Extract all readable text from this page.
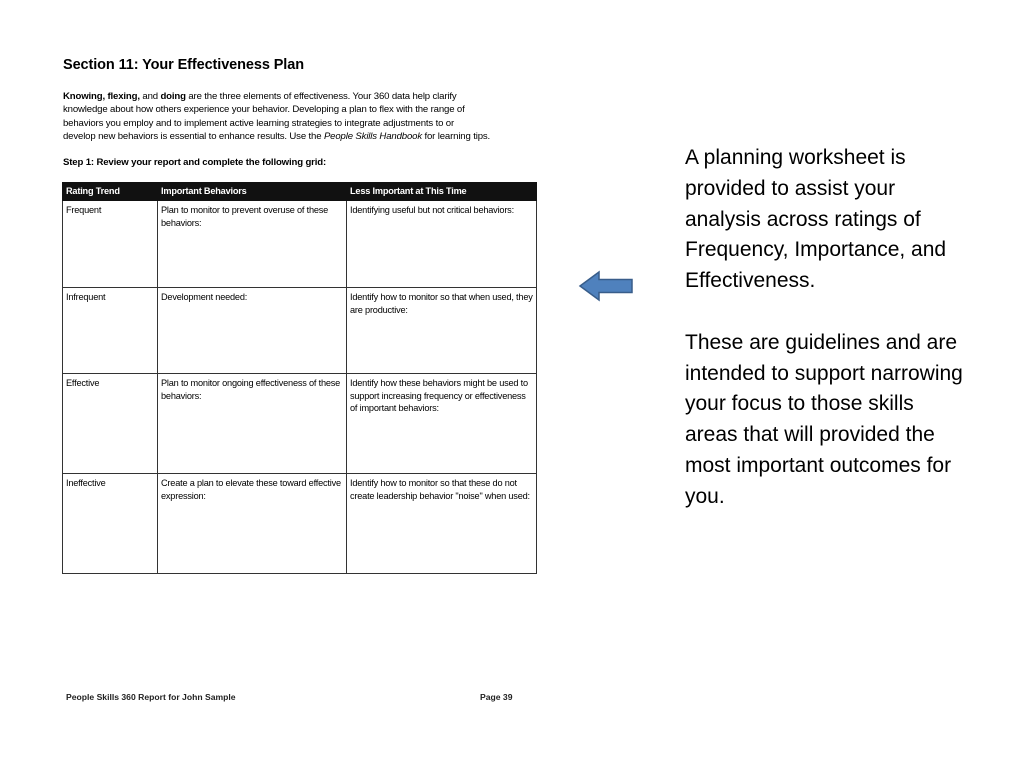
Section 11: Your Effectiveness Plan

Knowing, flexing, and doing are the three elements of effectiveness. Your 360 data help clarify

knowledge about how others experience your behavior. Developing a plan to flex with the range of

behaviors you employ and to implement active learning strategies to integrate adjustments to or

develop new behaviors is essential to enhance results. Use the People Skills Handbook for learning tips.

Step 1: Review your report and complete the following grid:
Rating Trend	Important Behaviors	Less Important at This Time
Frequent	Plan to monitor to prevent overuse of these behaviors:	Identifying useful but not critical behaviors:
Infrequent	Development needed:	Identify how to monitor so that when used, they are productive:
Effective	Plan to monitor ongoing effectiveness of these behaviors:	Identify how these behaviors might be used to support increasing frequency or effectiveness of important behaviors:
Ineffective	Create a plan to elevate these toward effective expression:	Identify how to monitor so that these do not create leadership behavior "noise" when used:
People Skills 360 Report for John Sample	Page 39

A planning worksheet is provided to assist your analysis across ratings of Frequency, Importance, and Effectiveness.

These are guidelines and are intended to support narrowing your focus to those skills areas that will provided the most important outcomes for you.
